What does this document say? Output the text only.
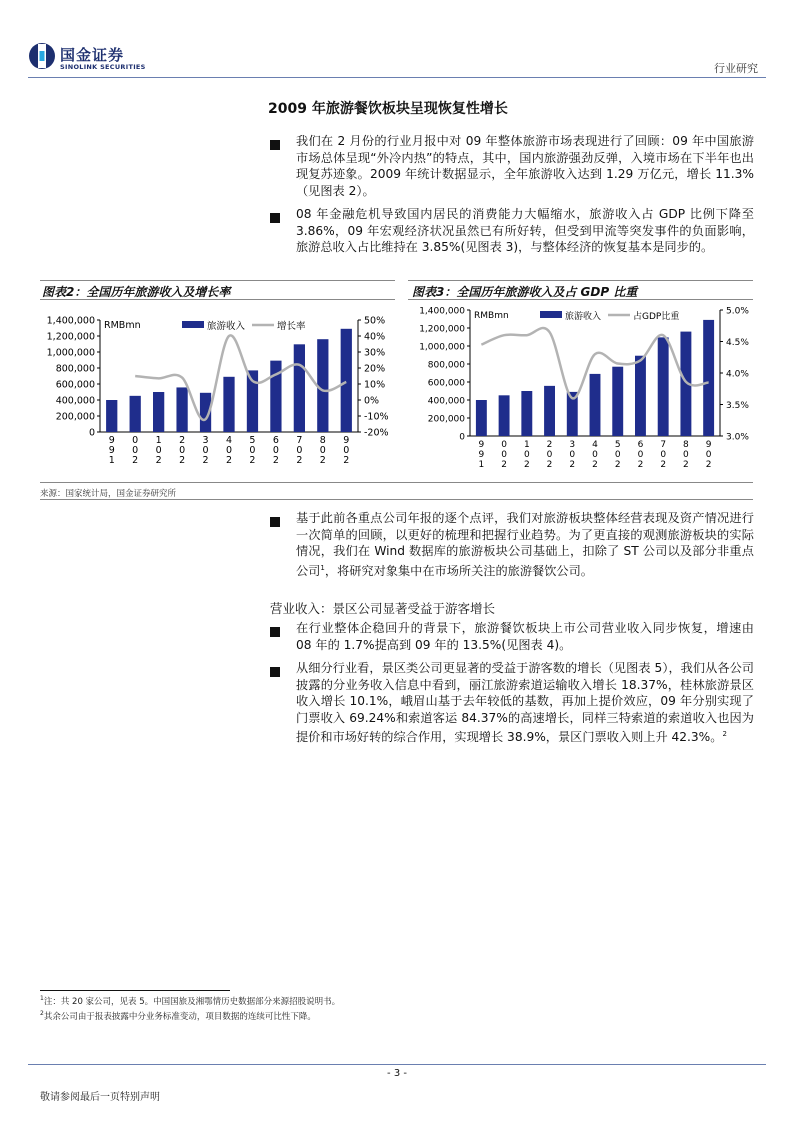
国金证券
SINOLINK SECURITIES	行业研究
2009 年旅游餐饮板块呈现恢复性增长
我们在 2 月份的行业月报中对 09 年整体旅游市场表现进行了回顾：09 年中国旅游市场总体呈现“外冷内热”的特点，其中，国内旅游强劲反弹，入境市场在下半年也出现复苏迹象。2009 年统计数据显示，全年旅游收入达到 1.29 万亿元，增长 11.3%（见图表 2）。
08 年金融危机导致国内居民的消费能力大幅缩水，旅游收入占 GDP 比例下降至 3.86%，09 年宏观经济状况虽然已有所好转，但受到甲流等突发事件的负面影响，旅游总收入占比维持在 3.85%(见图表 3)，与整体经济的恢复基本是同步的。
图表2：全国历年旅游收入及增长率	图表3：全国历年旅游收入及占 GDP 比重
0
200,000
400,000
600,000
800,000
1,000,000
1,200,000
1,400,000
-20%
-10%
0%
10%
20%
30%
40%
50%
9
9
1
0
0
2
1
0
2
2
0
2
3
0
2
4
0
2
5
0
2
6
0
2
7
0
2
8
0
2
9
0
2
RMBmn	旅游收入	增长率
0
200,000
400,000
600,000
800,000
1,000,000
1,200,000
1,400,000
3.0%
3.5%
4.0%
4.5%
5.0%
9
9
1
0
0
2
1
0
2
2
0
2
3
0
2
4
0
2
5
0
2
6
0
2
7
0
2
8
0
2
9
0
2
RMBmn	旅游收入	占GDP比重
来源：国家统计局，国金证券研究所
基于此前各重点公司年报的逐个点评，我们对旅游板块整体经营表现及资产情况进行一次简单的回顾，以更好的梳理和把握行业趋势。为了更直接的观测旅游板块的实际情况，我们在 Wind 数据库的旅游板块公司基础上，扣除了 ST 公司以及部分非重点公司$^1$，将研究对象集中在市场所关注的旅游餐饮公司。
营业收入：景区公司显著受益于游客增长
在行业整体企稳回升的背景下，旅游餐饮板块上市公司营业收入同步恢复，增速由 08 年的 1.7%提高到 09 年的 13.5%(见图表 4)。
从细分行业看，景区类公司更显著的受益于游客数的增长（见图表 5），我们从各公司披露的分业务收入信息中看到，丽江旅游索道运输收入增长 18.37%，桂林旅游景区收入增长 10.1%，峨眉山基于去年较低的基数，再加上提价效应，09 年分别实现了门票收入 69.24%和索道客运 84.37%的高速增长，同样三特索道的索道收入也因为提价和市场好转的综合作用，实现增长 38.9%，景区门票收入则上升 42.3%。$^2$
$^1$注：共 20 家公司，见表 5。中国国旅及湘鄂情历史数据部分来源招股说明书。
$^2$其余公司由于报表披露中分业务标准变动，项目数据的连续可比性下降。
- 3 -
敬请参阅最后一页特别声明
